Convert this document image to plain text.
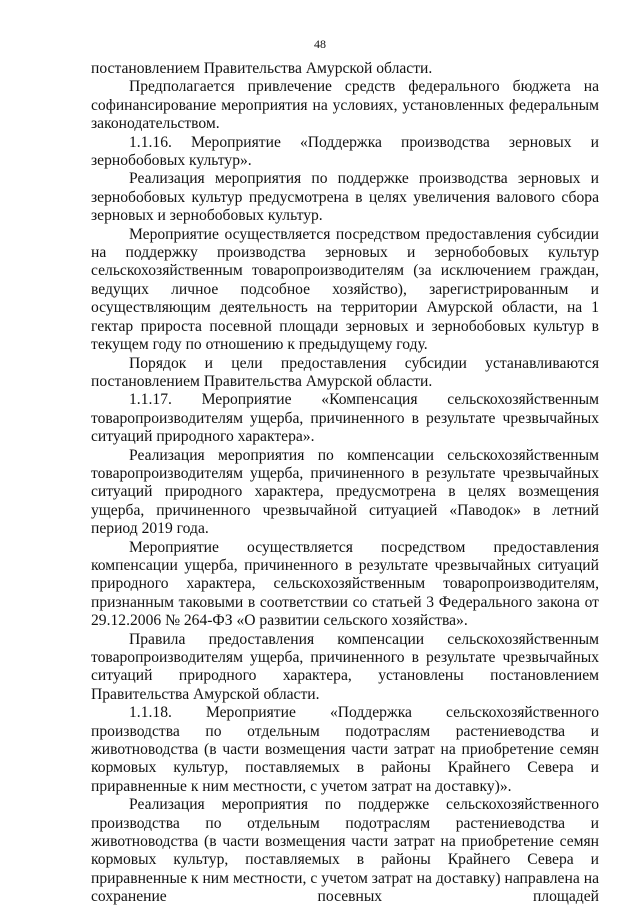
48

постановлением Правительства Амурской области.

Предполагается привлечение средств федерального бюджета на софинансирование мероприятия на условиях, установленных федеральным законодательством.

1.1.16. Мероприятие «Поддержка производства зерновых и зернобобовых культур».

Реализация мероприятия по поддержке производства зерновых и зернобобовых культур предусмотрена в целях увеличения валового сбора зерновых и зернобобовых культур.

Мероприятие осуществляется посредством предоставления субсидии на поддержку производства зерновых и зернобобовых культур сельскохозяйственным товаропроизводителям (за исключением граждан, ведущих личное подсобное хозяйство), зарегистрированным и осуществляющим деятельность на территории Амурской области, на 1 гектар прироста посевной площади зерновых и зернобобовых культур в текущем году по отношению к предыдущему году.

Порядок и цели предоставления субсидии устанавливаются постановлением Правительства Амурской области.

1.1.17. Мероприятие «Компенсация сельскохозяйственным товаропроизводителям ущерба, причиненного в результате чрезвычайных ситуаций природного характера».

Реализация мероприятия по компенсации сельскохозяйственным товаропроизводителям ущерба, причиненного в результате чрезвычайных ситуаций природного характера, предусмотрена в целях возмещения ущерба, причиненного чрезвычайной ситуацией «Паводок» в летний период 2019 года.

Мероприятие осуществляется посредством предоставления компенсации ущерба, причиненного в результате чрезвычайных ситуаций природного характера, сельскохозяйственным товаропроизводителям, признанным таковыми в соответствии со статьей 3 Федерального закона от 29.12.2006 № 264-ФЗ «О развитии сельского хозяйства».

Правила предоставления компенсации сельскохозяйственным товаропроизводителям ущерба, причиненного в результате чрезвычайных ситуаций природного характера, установлены постановлением Правительства Амурской области.

1.1.18. Мероприятие «Поддержка сельскохозяйственного производства по отдельным подотраслям растениеводства и животноводства (в части возмещения части затрат на приобретение семян кормовых культур, поставляемых в районы Крайнего Севера и приравненные к ним местности, с учетом затрат на доставку)».

Реализация мероприятия по поддержке сельскохозяйственного производства по отдельным подотраслям растениеводства и животноводства (в части возмещения части затрат на приобретение семян кормовых культур, поставляемых в районы Крайнего Севера и приравненные к ним местности, с учетом затрат на доставку) направлена на сохранение посевных площадей
